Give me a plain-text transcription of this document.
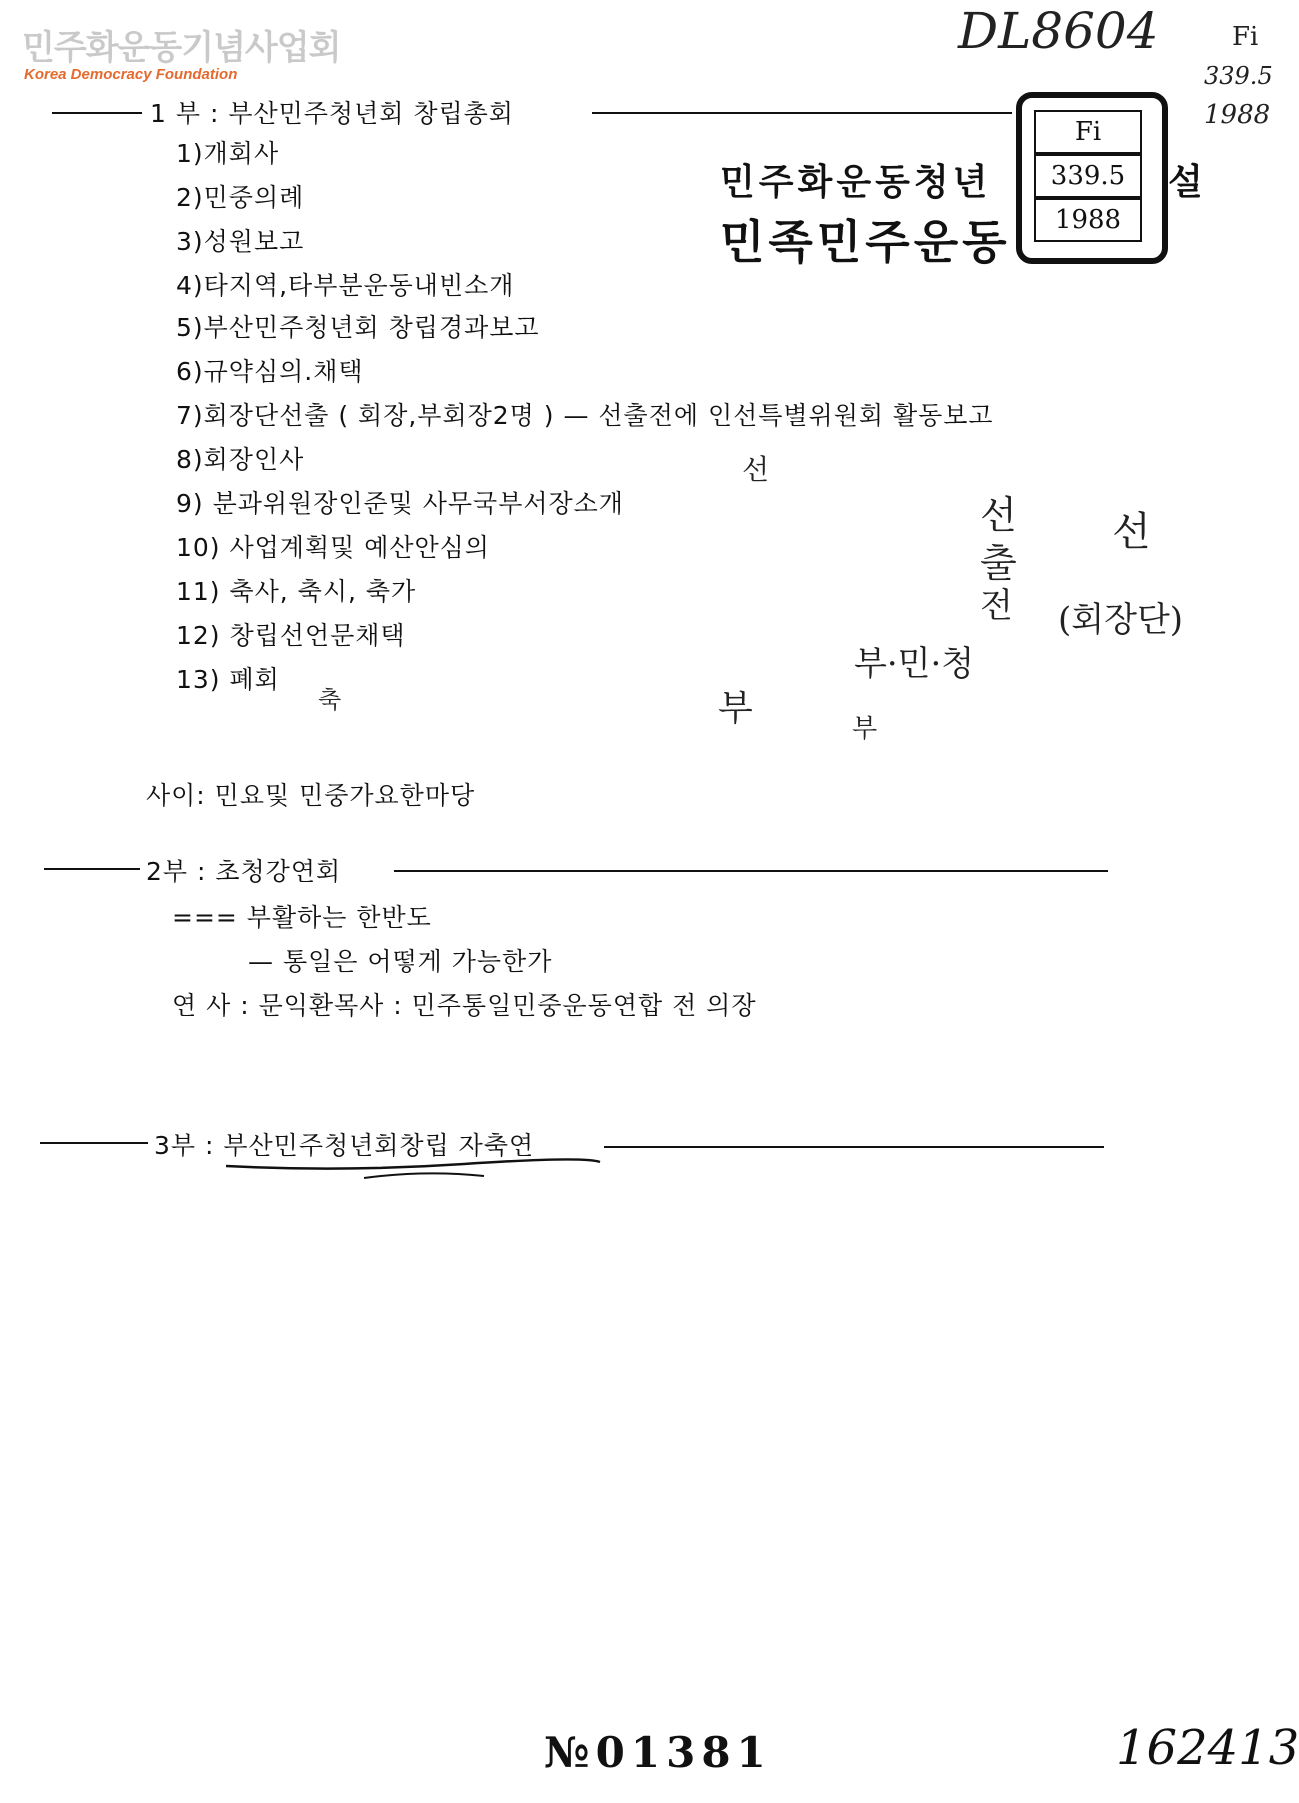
민주화운동기념사업회
Korea Democracy Foundation
DL8604	Fi
339.5
1988
민주화운동청년	설
민족민주운동
Fi
339.5
1988
1 부 : 부산민주청년회 창립총회
1)개회사
2)민중의례
3)성원보고
4)타지역,타부분운동내빈소개
5)부산민주청년회 창립경과보고
6)규약심의.채택
7)회장단선출 ( 회장,부회장2명 ) — 선출전에 인선특별위원회 활동보고
8)회장인사
9) 분과위원장인준및 사무국부서장소개
10) 사업계획및 예산안심의
11) 축사, 축시, 축가
12) 창립선언문채택
13) 폐회
선
선
출
전
선
(회장단)
부·민·청
부	부
축
사이: 민요및 민중가요한마당
2부 : 초청강연회
=== 부활하는 한반도
— 통일은 어떻게 가능한가
연 사 : 문익환목사 : 민주통일민중운동연합 전 의장
3부 : 부산민주청년회창립 자축연
№01381	162413
